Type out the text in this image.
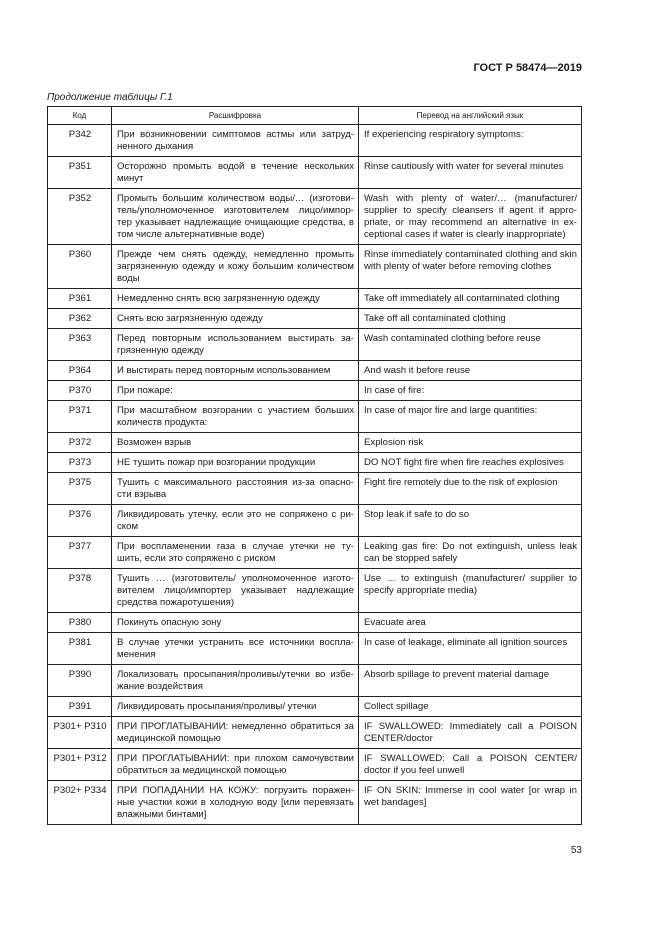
ГОСТ Р 58474—2019
Продолжение таблицы Г.1
Код	Расшифровка	Перевод на английский язык
P342	При возникновении симптомов астмы или затруд-ненного дыхания	If experiencing respiratory symptoms:
P351	Осторожно промыть водой в течение нескольких минут	Rinse cautiously with water for several minutes
P352	Промыть большим количеством воды/… (изготови-тель/уполномоченное изготовителем лицо/импор-тер указывает надлежащие очищающие средства, в том числе альтернативные воде)	Wash with plenty of water/… (manufacturer/ supplier to specify cleansers if agent if appro-priate, or may recommend an alternative in ex-ceptional cases if water is clearly inappropriate)
P360	Прежде чем снять одежду, немедленно промыть загрязненную одежду и кожу большим количеством воды	Rinse immediately contaminated clothing and skin with plenty of water before removing clothes
P361	Немедленно снять всю загрязненную одежду	Take off immediately all contaminated clothing
P362	Снять всю загрязненную одежду	Take off all contaminated clothing
P363	Перед повторным использованием выстирать за-грязненную одежду	Wash contaminated clothing before reuse
P364	И выстирать перед повторным использованием	And wash it before reuse
P370	При пожаре:	In case of fire:
P371	При масштабном возгорании с участием больших количеств продукта:	In case of major fire and large quantities:
P372	Возможен взрыв	Explosion risk
P373	НЕ тушить пожар при возгорании продукции	DO NOT fight fire when fire reaches explosives
P375	Тушить с максимального расстояния из-за опасно-сти взрыва	Fight fire remotely due to the risk of explosion
P376	Ликвидировать утечку, если это не сопряжено с ри-ском	Stop leak if safe to do so
P377	При воспламенении газа в случае утечки не ту-шить, если это сопряжено с риском	Leaking gas fire: Do not extinguish, unless leak can be stopped safely
P378	Тушить … (изготовитель/ уполномоченное изгото-вителем лицо/импортер указывает надлежащие средства пожаротушения)	Use … to extinguish (manufacturer/ supplier to specify appropriate media)
P380	Покинуть опасную зону	Evacuate area
P381	В случае утечки устранить все источники воспла-менения	In case of leakage, eliminate all ignition sources
P390	Локализовать просыпания/проливы/утечки во избе-жание воздействия	Absorb spillage to prevent material damage
P391	Ликвидировать просыпания/проливы/ утечки	Collect spillage
P301+ P310	ПРИ ПРОГЛАТЫВАНИИ: немедленно обратиться за медицинской помощью	IF SWALLOWED: Immediately call a POISON CENTER/doctor
P301+ P312	ПРИ ПРОГЛАТЫВАНИИ: при плохом самочувствии обратиться за медицинской помощью	IF SWALLOWED: Call a POISON CENTER/ doctor if you feel unwell
P302+ P334	ПРИ ПОПАДАНИИ НА КОЖУ: погрузить поражен-ные участки кожи в холодную воду [или перевязать влажными бинтами]	IF ON SKIN: Immerse in cool water [or wrap in wet bandages]
53
